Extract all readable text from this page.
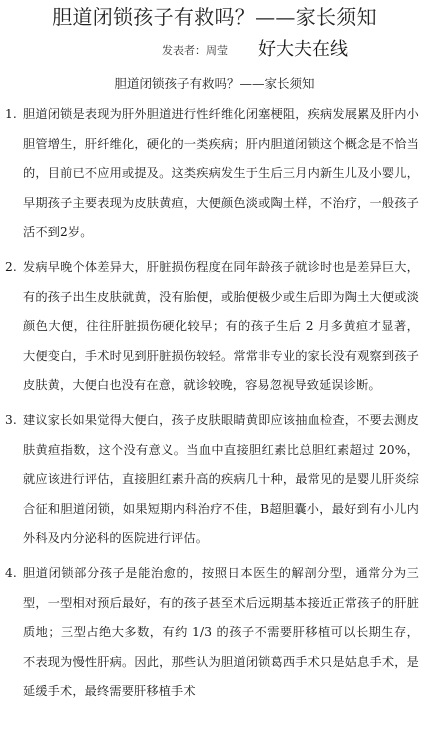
胆道闭锁孩子有救吗？——家长须知
发表者：周莹 好大夫在线
胆道闭锁孩子有救吗？——家长须知
1. 胆道闭锁是表现为肝外胆道进行性纤维化闭塞梗阻，疾病发展累及肝内小胆管增生，肝纤维化，硬化的一类疾病；肝内胆道闭锁这个概念是不恰当的，目前已不应用或提及。这类疾病发生于生后三月内新生儿及小婴儿，早期孩子主要表现为皮肤黄疸，大便颜色淡或陶土样，不治疗，一般孩子活不到2岁。
2. 发病早晚个体差异大，肝脏损伤程度在同年龄孩子就诊时也是差异巨大，有的孩子出生皮肤就黄，没有胎便，或胎便极少或生后即为陶土大便或淡颜色大便，往往肝脏损伤硬化较早；有的孩子生后 2 月多黄疸才显著，大便变白，手术时见到肝脏损伤较轻。常常非专业的家长没有观察到孩子皮肤黄，大便白也没有在意，就诊较晚，容易忽视导致延误诊断。
3. 建议家长如果觉得大便白，孩子皮肤眼睛黄即应该抽血检查，不要去测皮肤黄疸指数，这个没有意义。当血中直接胆红素比总胆红素超过 20%，就应该进行评估，直接胆红素升高的疾病几十种，最常见的是婴儿肝炎综合征和胆道闭锁，如果短期内科治疗不佳，B超胆囊小，最好到有小儿内外科及内分泌科的医院进行评估。
4. 胆道闭锁部分孩子是能治愈的，按照日本医生的解剖分型，通常分为三型，一型相对预后最好，有的孩子甚至术后远期基本接近正常孩子的肝脏质地；三型占绝大多数，有约 1/3 的孩子不需要肝移植可以长期生存，不表现为慢性肝病。因此，那些认为胆道闭锁葛西手术只是姑息手术，是延缓手术，最终需要肝移植手术
